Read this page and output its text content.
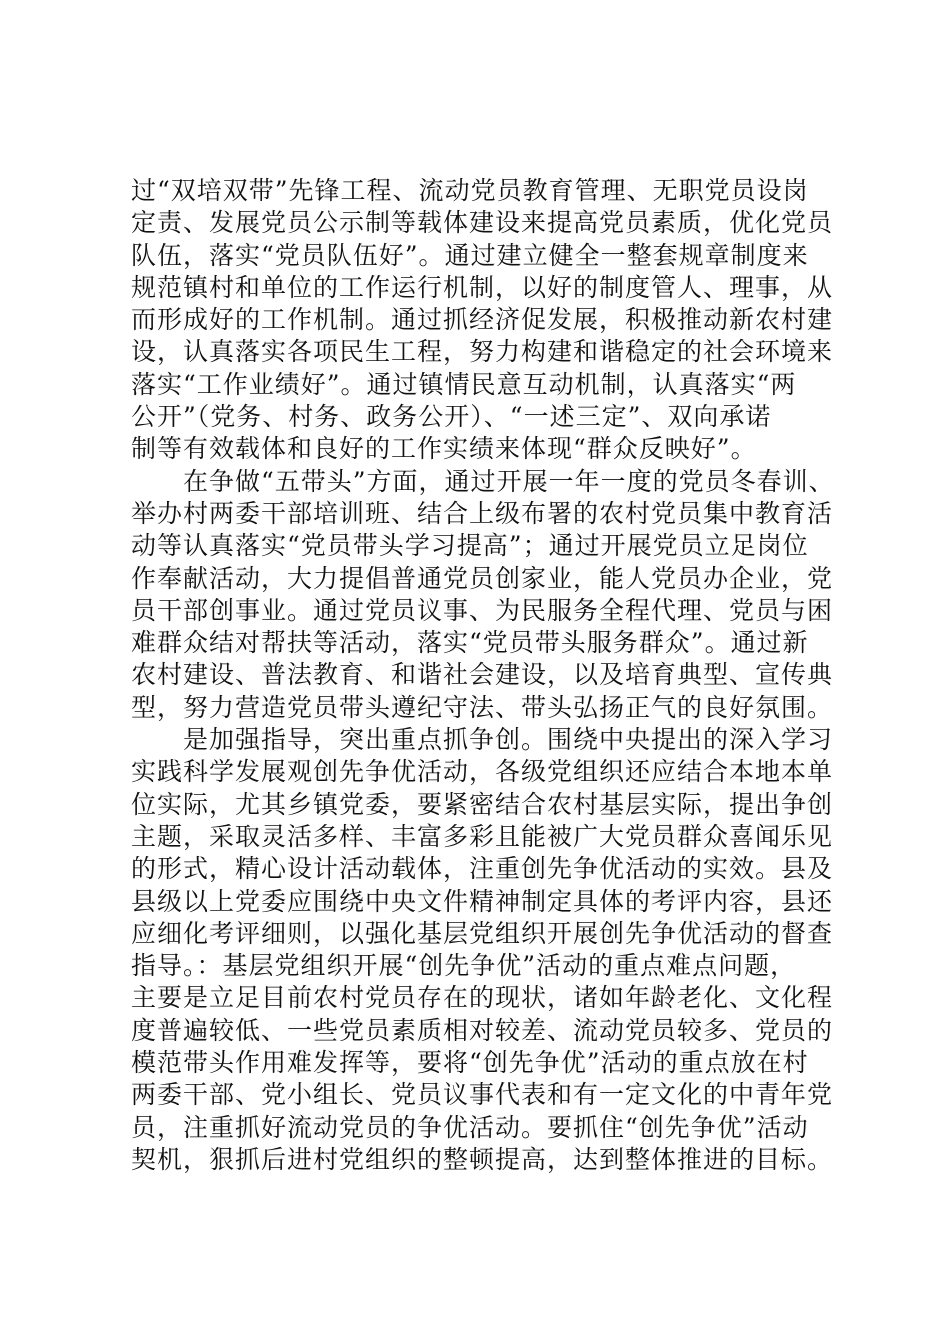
过“双培双带”先锋工程、流动党员教育管理、无职党员设岗

定责、发展党员公示制等载体建设来提高党员素质，优化党员

队伍，落实“党员队伍好”。通过建立健全一整套规章制度来

规范镇村和单位的工作运行机制，以好的制度管人、理事，从

而形成好的工作机制。通过抓经济促发展，积极推动新农村建

设，认真落实各项民生工程，努力构建和谐稳定的社会环境来

落实“工作业绩好”。通过镇情民意互动机制，认真落实“两

公开”（党务、村务、政务公开）、“一述三定”、双向承诺

制等有效载体和良好的工作实绩来体现“群众反映好”。

在争做“五带头”方面，通过开展一年一度的党员冬春训、

举办村两委干部培训班、结合上级布署的农村党员集中教育活

动等认真落实“党员带头学习提高”；通过开展党员立足岗位

作奉献活动，大力提倡普通党员创家业，能人党员办企业，党

员干部创事业。通过党员议事、为民服务全程代理、党员与困

难群众结对帮扶等活动，落实“党员带头服务群众”。通过新

农村建设、普法教育、和谐社会建设，以及培育典型、宣传典

型，努力营造党员带头遵纪守法、带头弘扬正气的良好氛围。

是加强指导，突出重点抓争创。围绕中央提出的深入学习

实践科学发展观创先争优活动，各级党组织还应结合本地本单

位实际，尤其乡镇党委，要紧密结合农村基层实际，提出争创

主题，采取灵活多样、丰富多彩且能被广大党员群众喜闻乐见

的形式，精心设计活动载体，注重创先争优活动的实效。县及

县级以上党委应围绕中央文件精神制定具体的考评内容，县还

应细化考评细则，以强化基层党组织开展创先争优活动的督查

指导。：基层党组织开展“创先争优”活动的重点难点问题，

主要是立足目前农村党员存在的现状，诸如年龄老化、文化程

度普遍较低、一些党员素质相对较差、流动党员较多、党员的

模范带头作用难发挥等，要将“创先争优”活动的重点放在村

两委干部、党小组长、党员议事代表和有一定文化的中青年党

员，注重抓好流动党员的争优活动。要抓住“创先争优”活动

契机，狠抓后进村党组织的整顿提高，达到整体推进的目标。
